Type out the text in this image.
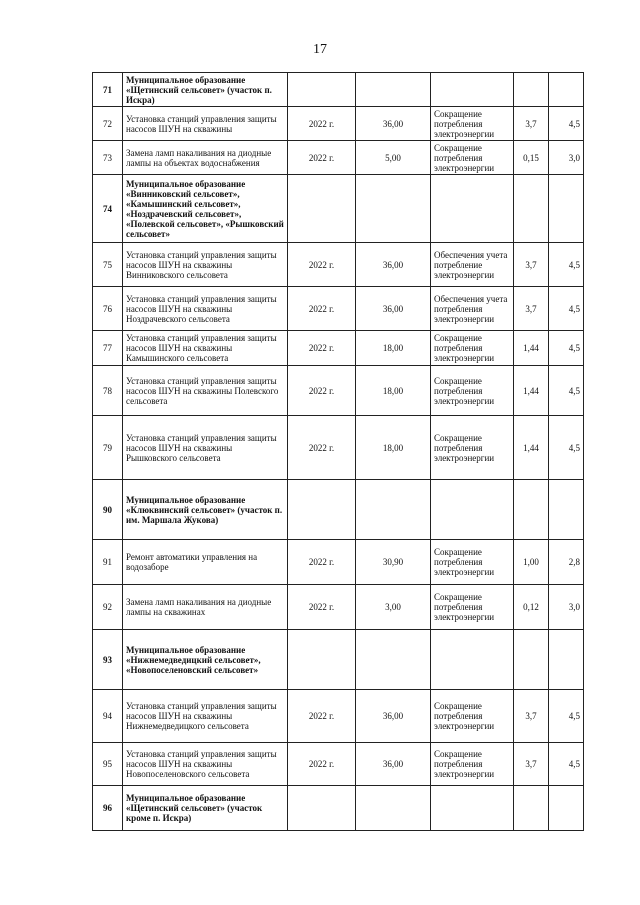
17
71	Муниципальное образование «Щетинский сельсовет» (участок п. Искра)					
72	Установка станций управления защиты насосов ШУН на скважины	2022 г.	36,00	Сокращение потребления электроэнергии	3,7	4,5
73	Замена ламп накаливания на диодные лампы на объектах водоснабжения	2022 г.	5,00	Сокращение потребления электроэнергии	0,15	3,0
74	Муниципальное образование «Винниковский сельсовет», «Камышинский сельсовет», «Ноздрачевский сельсовет», «Полевской сельсовет», «Рышковский сельсовет»					
75	Установка станций управления защиты насосов ШУН на скважины Винниковского сельсовета	2022 г.	36,00	Обеспечения учета потребление электроэнергии	3,7	4,5
76	Установка станций управления защиты насосов ШУН на скважины Ноздрачевского сельсовета	2022 г.	36,00	Обеспечения учета потребления электроэнергии	3,7	4,5
77	Установка станций управления защиты насосов ШУН на скважины Камышинского сельсовета	2022 г.	18,00	Сокращение потребления электроэнергии	1,44	4,5
78	Установка станций управления защиты насосов ШУН на скважины Полевского сельсовета	2022 г.	18,00	Сокращение потребления электроэнергии	1,44	4,5
79	Установка станций управления защиты насосов ШУН на скважины Рышковского сельсовета	2022 г.	18,00	Сокращение потребления электроэнергии	1,44	4,5
90	Муниципальное образование «Клюквинский сельсовет» (участок п. им. Маршала Жукова)					
91	Ремонт автоматики управления на водозаборе	2022 г.	30,90	Сокращение потребления электроэнергии	1,00	2,8
92	Замена ламп накаливания на диодные лампы на скважинах	2022 г.	3,00	Сокращение потребления электроэнергии	0,12	3,0
93	Муниципальное образование «Нижнемедведицкий сельсовет», «Новопоселеновский сельсовет»					
94	Установка станций управления защиты насосов ШУН на скважины Нижнемедведицкого сельсовета	2022 г.	36,00	Сокращение потребления электроэнергии	3,7	4,5
95	Установка станций управления защиты насосов ШУН на скважины Новопоселеновского сельсовета	2022 г.	36,00	Сокращение потребления электроэнергии	3,7	4,5
96	Муниципальное образование «Щетинский сельсовет» (участок кроме п. Искра)					
